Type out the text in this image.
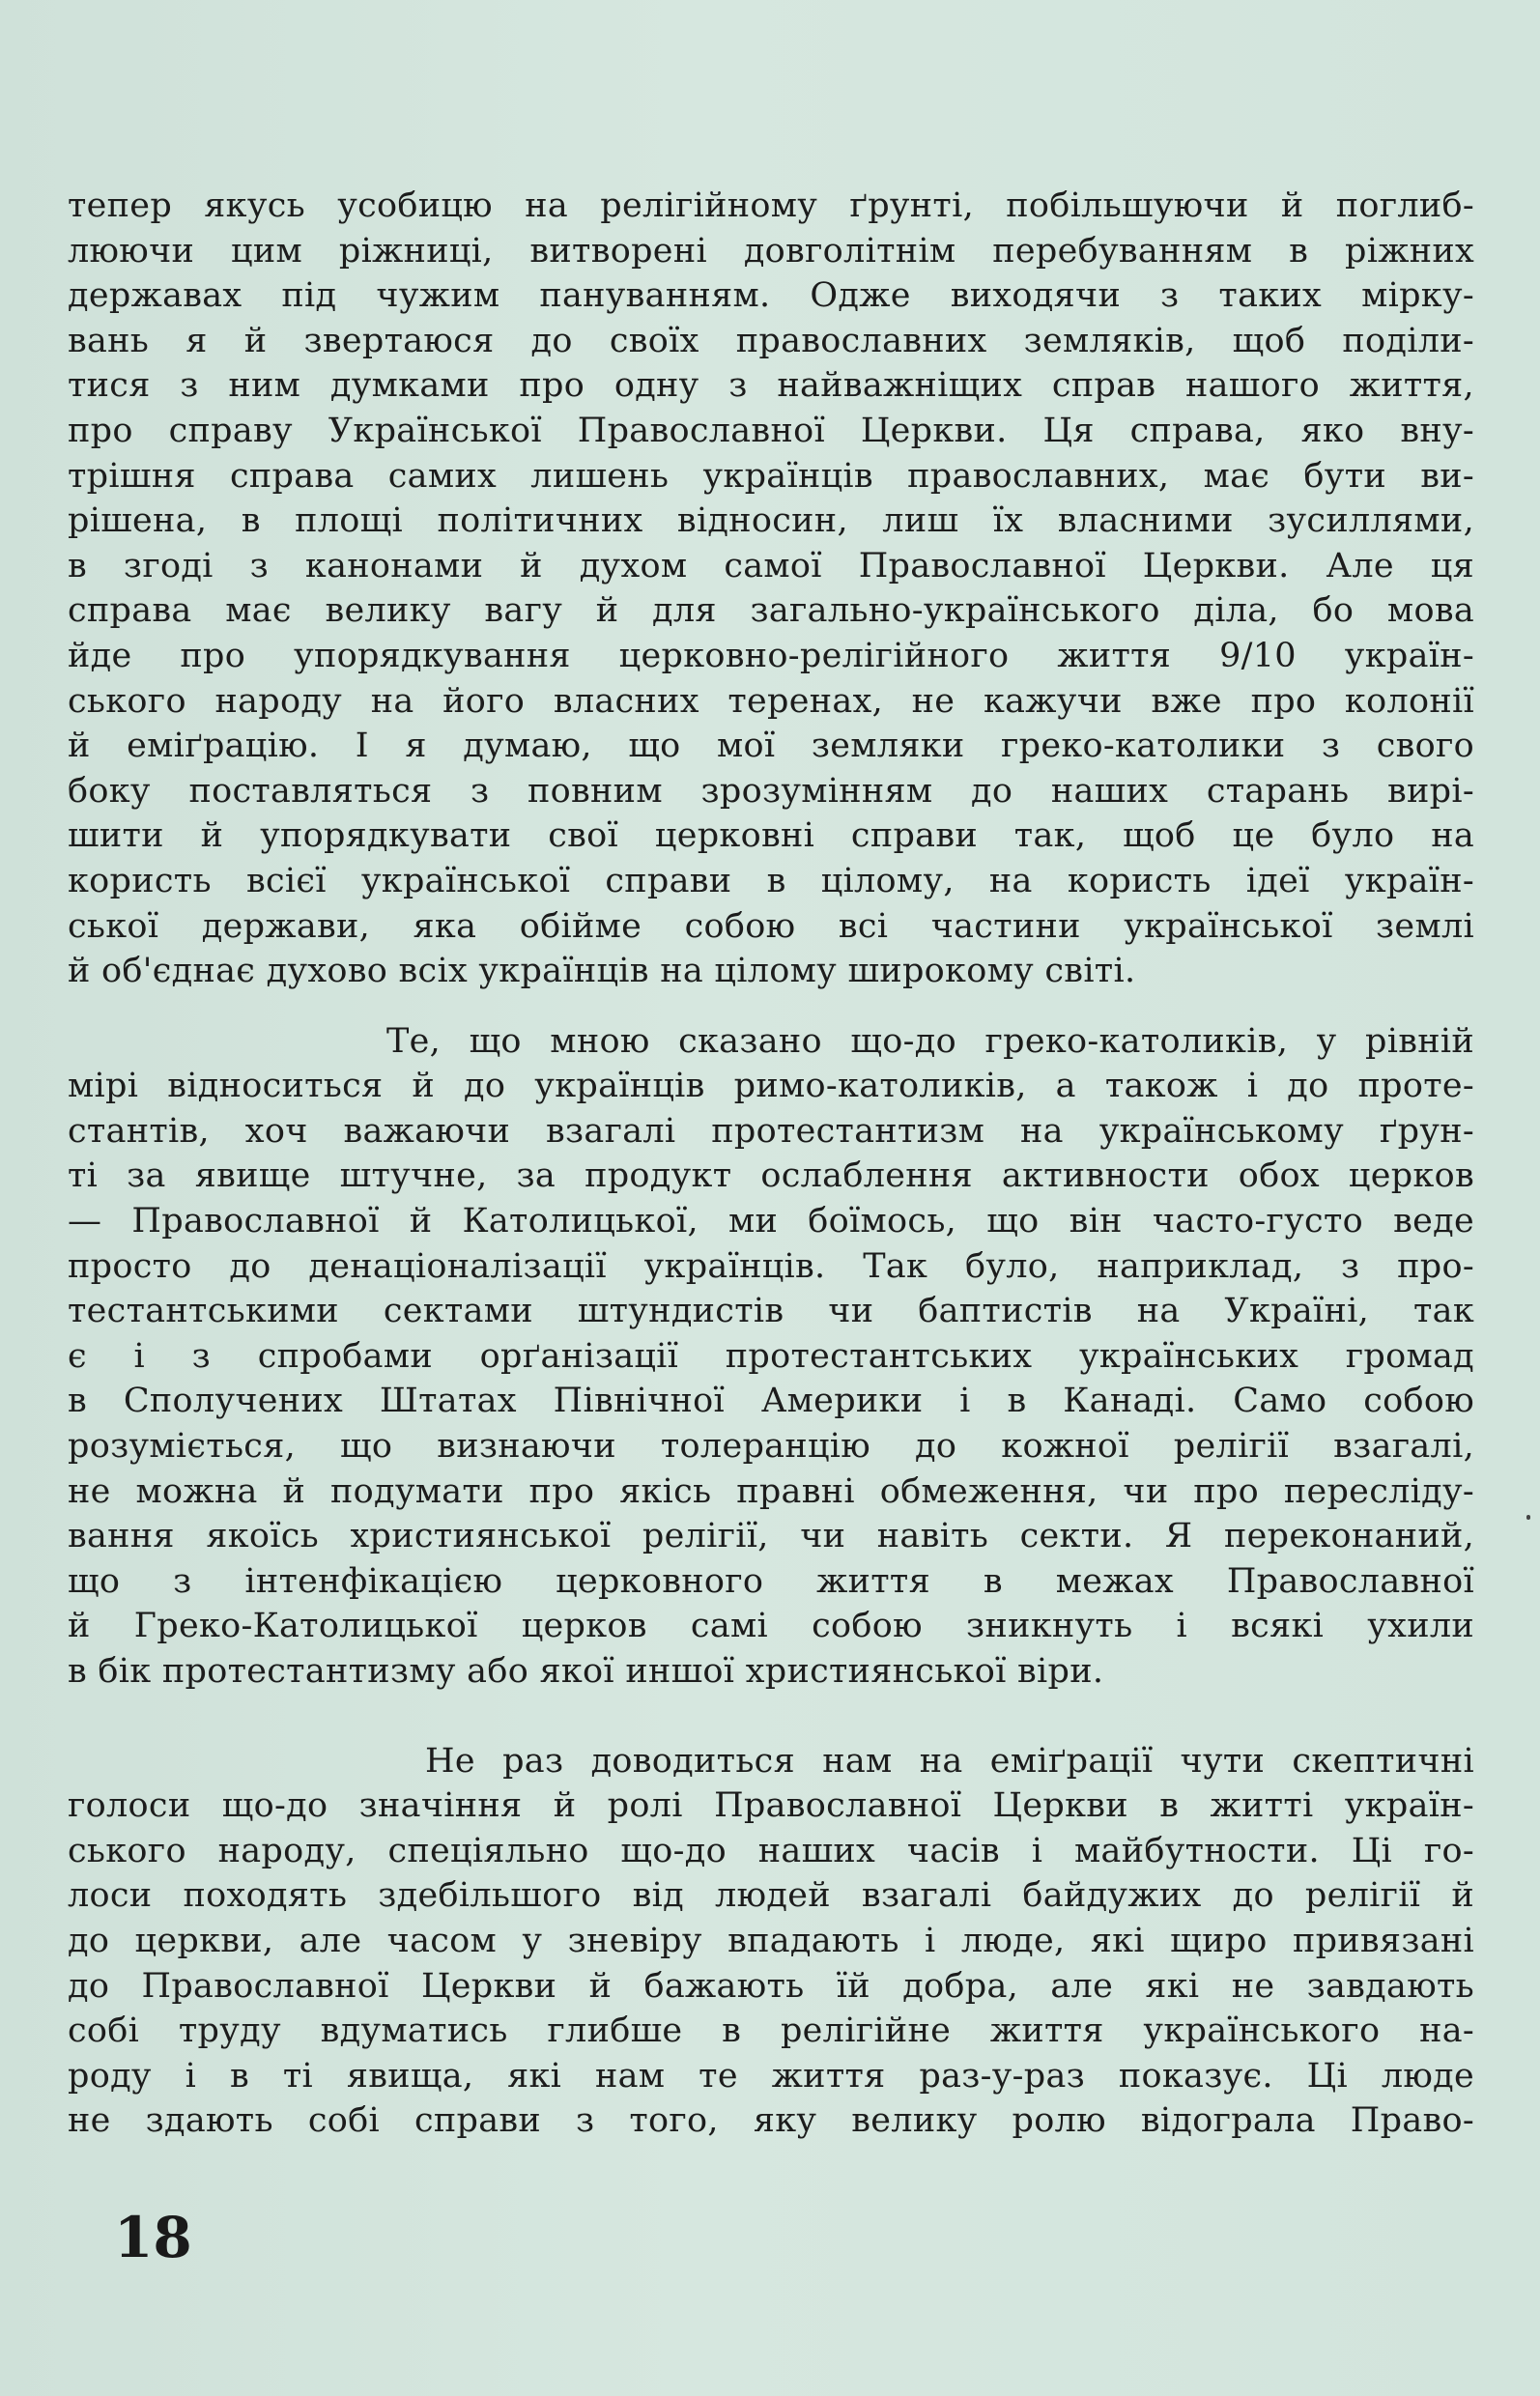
тепер якусь усобицю на релігійному ґрунті, побільшуючи й поглиб-
люючи цим ріжниці, витворені довголітнім перебуванням в ріжних
державах під чужим пануванням. Одже виходячи з таких мірку-
вань я й звертаюся до своїх православних земляків, щоб поділи-
тися з ним думками про одну з найважніщих справ нашого життя,
про справу Української Православної Церкви. Ця справа, яко вну-
трішня справа самих лишень українців православних, має бути ви-
рішена, в площі політичних відносин, лиш їх власними зусиллями,
в згоді з канонами й духом самої Православної Церкви. Але ця
справа має велику вагу й для загально-українського діла, бо мова
йде про упорядкування церковно-релігійного життя 9/10 україн-
ського народу на його власних теренах, не кажучи вже про колонії
й еміґрацію. І я думаю, що мої земляки греко-католики з свого
боку поставляться з повним зрозумінням до наших старань вирі-
шити й упорядкувати свої церковні справи так, щоб це було на
користь всієї української справи в цілому, на користь ідеї україн-
ської держави, яка обійме собою всі частини української землі
й об'єднає духово всіх українців на цілому широкому світі.

Те, що мною сказано що-до греко-католиків, у рівній
мірі відноситься й до українців римо-католиків, а також і до проте-
стантів, хоч важаючи взагалі протестантизм на українському ґрун-
ті за явище штучне, за продукт ослаблення активности обох церков
— Православної й Католицької, ми боїмось, що він часто-густо веде
просто до денаціоналізації українців. Так було, наприклад, з про-
тестантськими сектами штундистів чи баптистів на Україні, так
є і з спробами орґанізації протестантських українських громад
в Сполучених Штатах Північної Америки і в Канаді. Само собою
розуміється, що визнаючи толеранцію до кожної релігії взагалі,
не можна й подумати про якісь правні обмеження, чи про пересліду-
вання якоїсь християнської релігії, чи навіть секти. Я переконаний,
що з інтенфікацією церковного життя в межах Православної
й Греко-Католицької церков самі собою зникнуть і всякі ухили
в бік протестантизму або якої иншої християнської віри.

Не раз доводиться нам на еміґрації чути скептичні
голоси що-до значіння й ролі Православної Церкви в житті україн-
ського народу, спеціяльно що-до наших часів і майбутности. Ці го-
лоси походять здебільшого від людей взагалі байдужих до релігії й
до церкви, але часом у зневіру впадають і люде, які щиро привязані
до Православної Церкви й бажають їй добра, але які не завдають
собі труду вдуматись глибше в релігійне життя українського на-
роду і в ті явища, які нам те життя раз-у-раз показує. Ці люде
не здають собі справи з того, яку велику ролю відограла Право-

18
